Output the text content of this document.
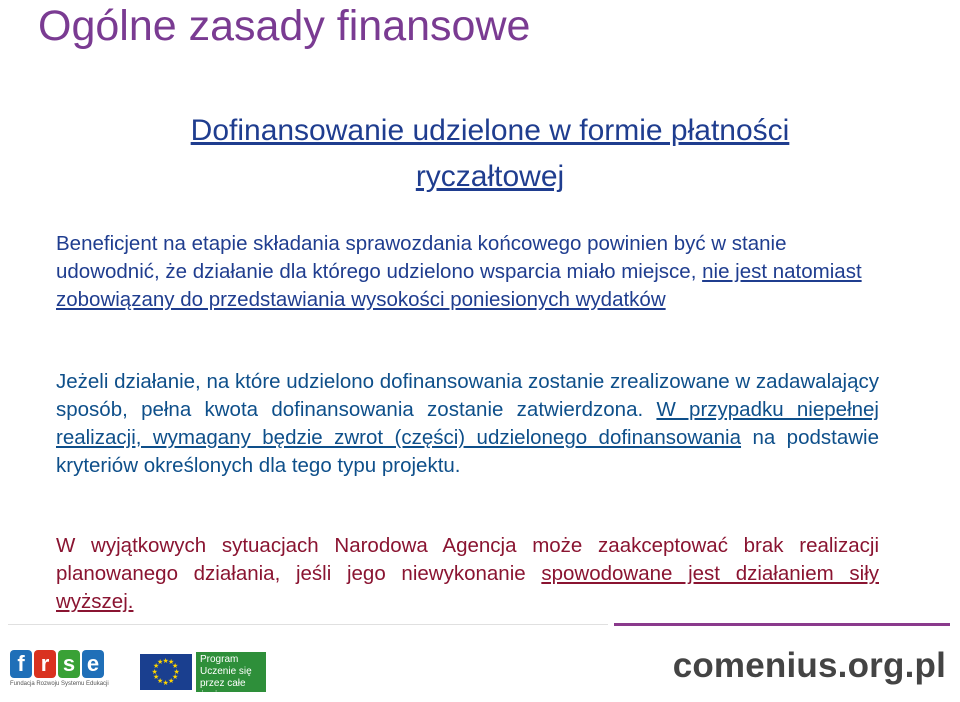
Ogólne zasady finansowe
Dofinansowanie udzielone w formie płatności
ryczałtowej
Beneficjent na etapie składania sprawozdania końcowego powinien być w stanie udowodnić, że działanie dla którego udzielono wsparcia miało miejsce, nie jest natomiast zobowiązany do przedstawiania wysokości poniesionych wydatków
Jeżeli działanie, na które udzielono dofinansowania zostanie zrealizowane w zadawalający sposób, pełna kwota dofinansowania zostanie zatwierdzona. W przypadku niepełnej realizacji, wymagany będzie zwrot (części) udzielonego dofinansowania na podstawie kryteriów określonych dla tego typu projektu.
W wyjątkowych sytuacjach Narodowa Agencja może zaakceptować brak realizacji planowanego działania, jeśli jego niewykonanie spowodowane jest działaniem siły wyższej.
f r s e
Fundacja Rozwoju Systemu Edukacji
★
★
★
★
★
★
★
★
★ ★ ★
★
Program Uczenie się przez całe życie
comenius.org.pl
